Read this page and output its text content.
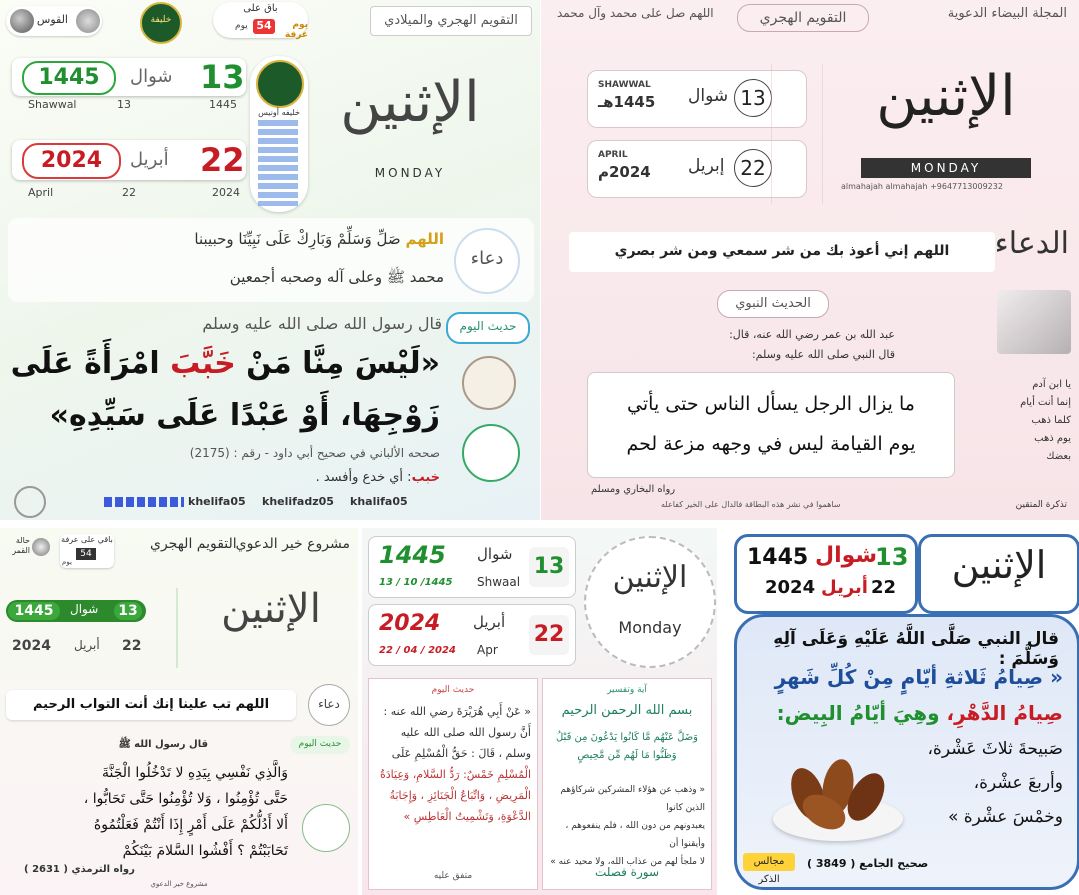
القوس	خليفة
باق على
54	يوم عرفة
يوم	التقويم الهجري والميلادي
1445	شوال 13
Shawwal	13	1445
2024	أبريل 22
April	22	2024
خليفه أونيس الإثنين
MONDAY
دعاء
اللهم صَلِّ وَسَلِّمْ وَبَارِكْ عَلَى نَبِيِّنَا وحبيبنا
محمد ﷺ وعلى آله وصحبه أجمعين
حديث اليوم
قال رسول الله صلى الله عليه وسلم
«لَيْسَ مِنَّا مَنْ خَبَّبَ امْرَأَةً عَلَى
زَوْجِهَا، أَوْ عَبْدًا عَلَى سَيِّدِهِ»
صححه الألباني في صحيح أبي داود - رقم : (2175)
خبب: أي خدع وأفسد .
khelifa05 khelifadz05 khalifa05
المجلة البيضاء الدعوية
التقويم الهجري
اللهم صل على محمد وآل محمد
SHAWWAL
1445هـ شوال 13
APRIL
2024م إبريل 22
الإثنين
MONDAY
almahajah almahajah +9647713009232
الدعاء
اللهم إني أعوذ بك من شر سمعي ومن شر بصري
الحديث النبوي
عبد الله بن عمر رضي الله عنه، قال:
قال النبي صلى الله عليه وسلم:
ما يزال الرجل يسأل الناس حتى يأتي
يوم القيامة ليس في وجهه مزعة لحم
رواه البخاري ومسلم
يا ابن آدم
إنما أنت أيام
كلما ذهب
يوم ذهب
بعضك
تذكرة المتقين
ساهموا في نشر هذه البطاقة فالدال على الخير كفاعله
مشروع خير الدعوي
التقويم الهجري
باقي على عرفة
54
يوم
حالة القمر
1445	شوال	13
2024 أبريل 22
الإثنين
اللهم تب علينا إنك أنت التواب الرحيم	دعاء
حديث اليوم
قال رسول الله ﷺ
وَالَّذِي نَفْسِي بِيَدِهِ لا تَدْخُلُوا الْجَنَّةَ
حَتَّى تُؤْمِنُوا ، وَلا تُؤْمِنُوا حَتَّى تَحَابُّوا ،
أَلا أَدُلُّكُمْ عَلَى أَمْرٍ إِذَا أَنْتُمْ فَعَلْتُمُوهُ
تَحَابَبْتُمْ ؟ أَفْشُوا السَّلامَ بَيْنَكُمْ
رواه الترمذي ( 2631 )
مشروع خير الدعوي
1445 شوال
13 / 10 /1445 Shwaal
13
2024 أبريل
22 / 04 / 2024 Apr
22
الإثنين
Monday
حديث اليوم
« عَنْ أَبِي هُرَيْرَةَ رضي الله عنه :
أَنَّ رسول الله صلى الله عليه
وسلم ، قَالَ : حَقُّ الْمُسْلِمِ عَلَى
الْمُسْلِمِ خَمْسٌ: رَدُّ السَّلامِ، وَعِيَادَةُ
الْمَرِيضِ ، وَاتِّبَاعُ الْجَنَائِزِ ، وَإِجَابَةُ
الدَّعْوَةِ، وَتَشْمِيتُ الْعَاطِسِ »
متفق عليه
آية وتفسير
بسم الله الرحمن الرحيم
وَضَلَّ عَنْهُم مَّا كَانُوا يَدْعُونَ مِن قَبْلُ
وَظَنُّوا مَا لَهُم مِّن مَّحِيصٍ
« وذهب عن هؤلاء المشركين شركاؤهم الذين كانوا
يعبدونهم من دون الله ، فلم ينفعوهم ، وأيقنوا أن
لا ملجأ لهم من عذاب الله، ولا محيد عنه »
سورة فصلت
الإثنين
1445 شوال
13
2024 أبريل 22
قال النبي صَلَّى اللَّهُ عَلَيْهِ وَعَلَى آلِهِ وَسَلَّمَ :
« صِيامُ ثَلاثةِ أيّامٍ مِنْ كُلِّ شَهرٍ
صِيامُ الدَّهْرِ، وهِيَ أيّامُ البِيض:
صَبيحةَ ثلاثَ عَشْرة،
وأربعَ عشْرة،
وخمْسَ عشْرة »
صحيح الجامع ( 3849 )
مجالس الذكر
